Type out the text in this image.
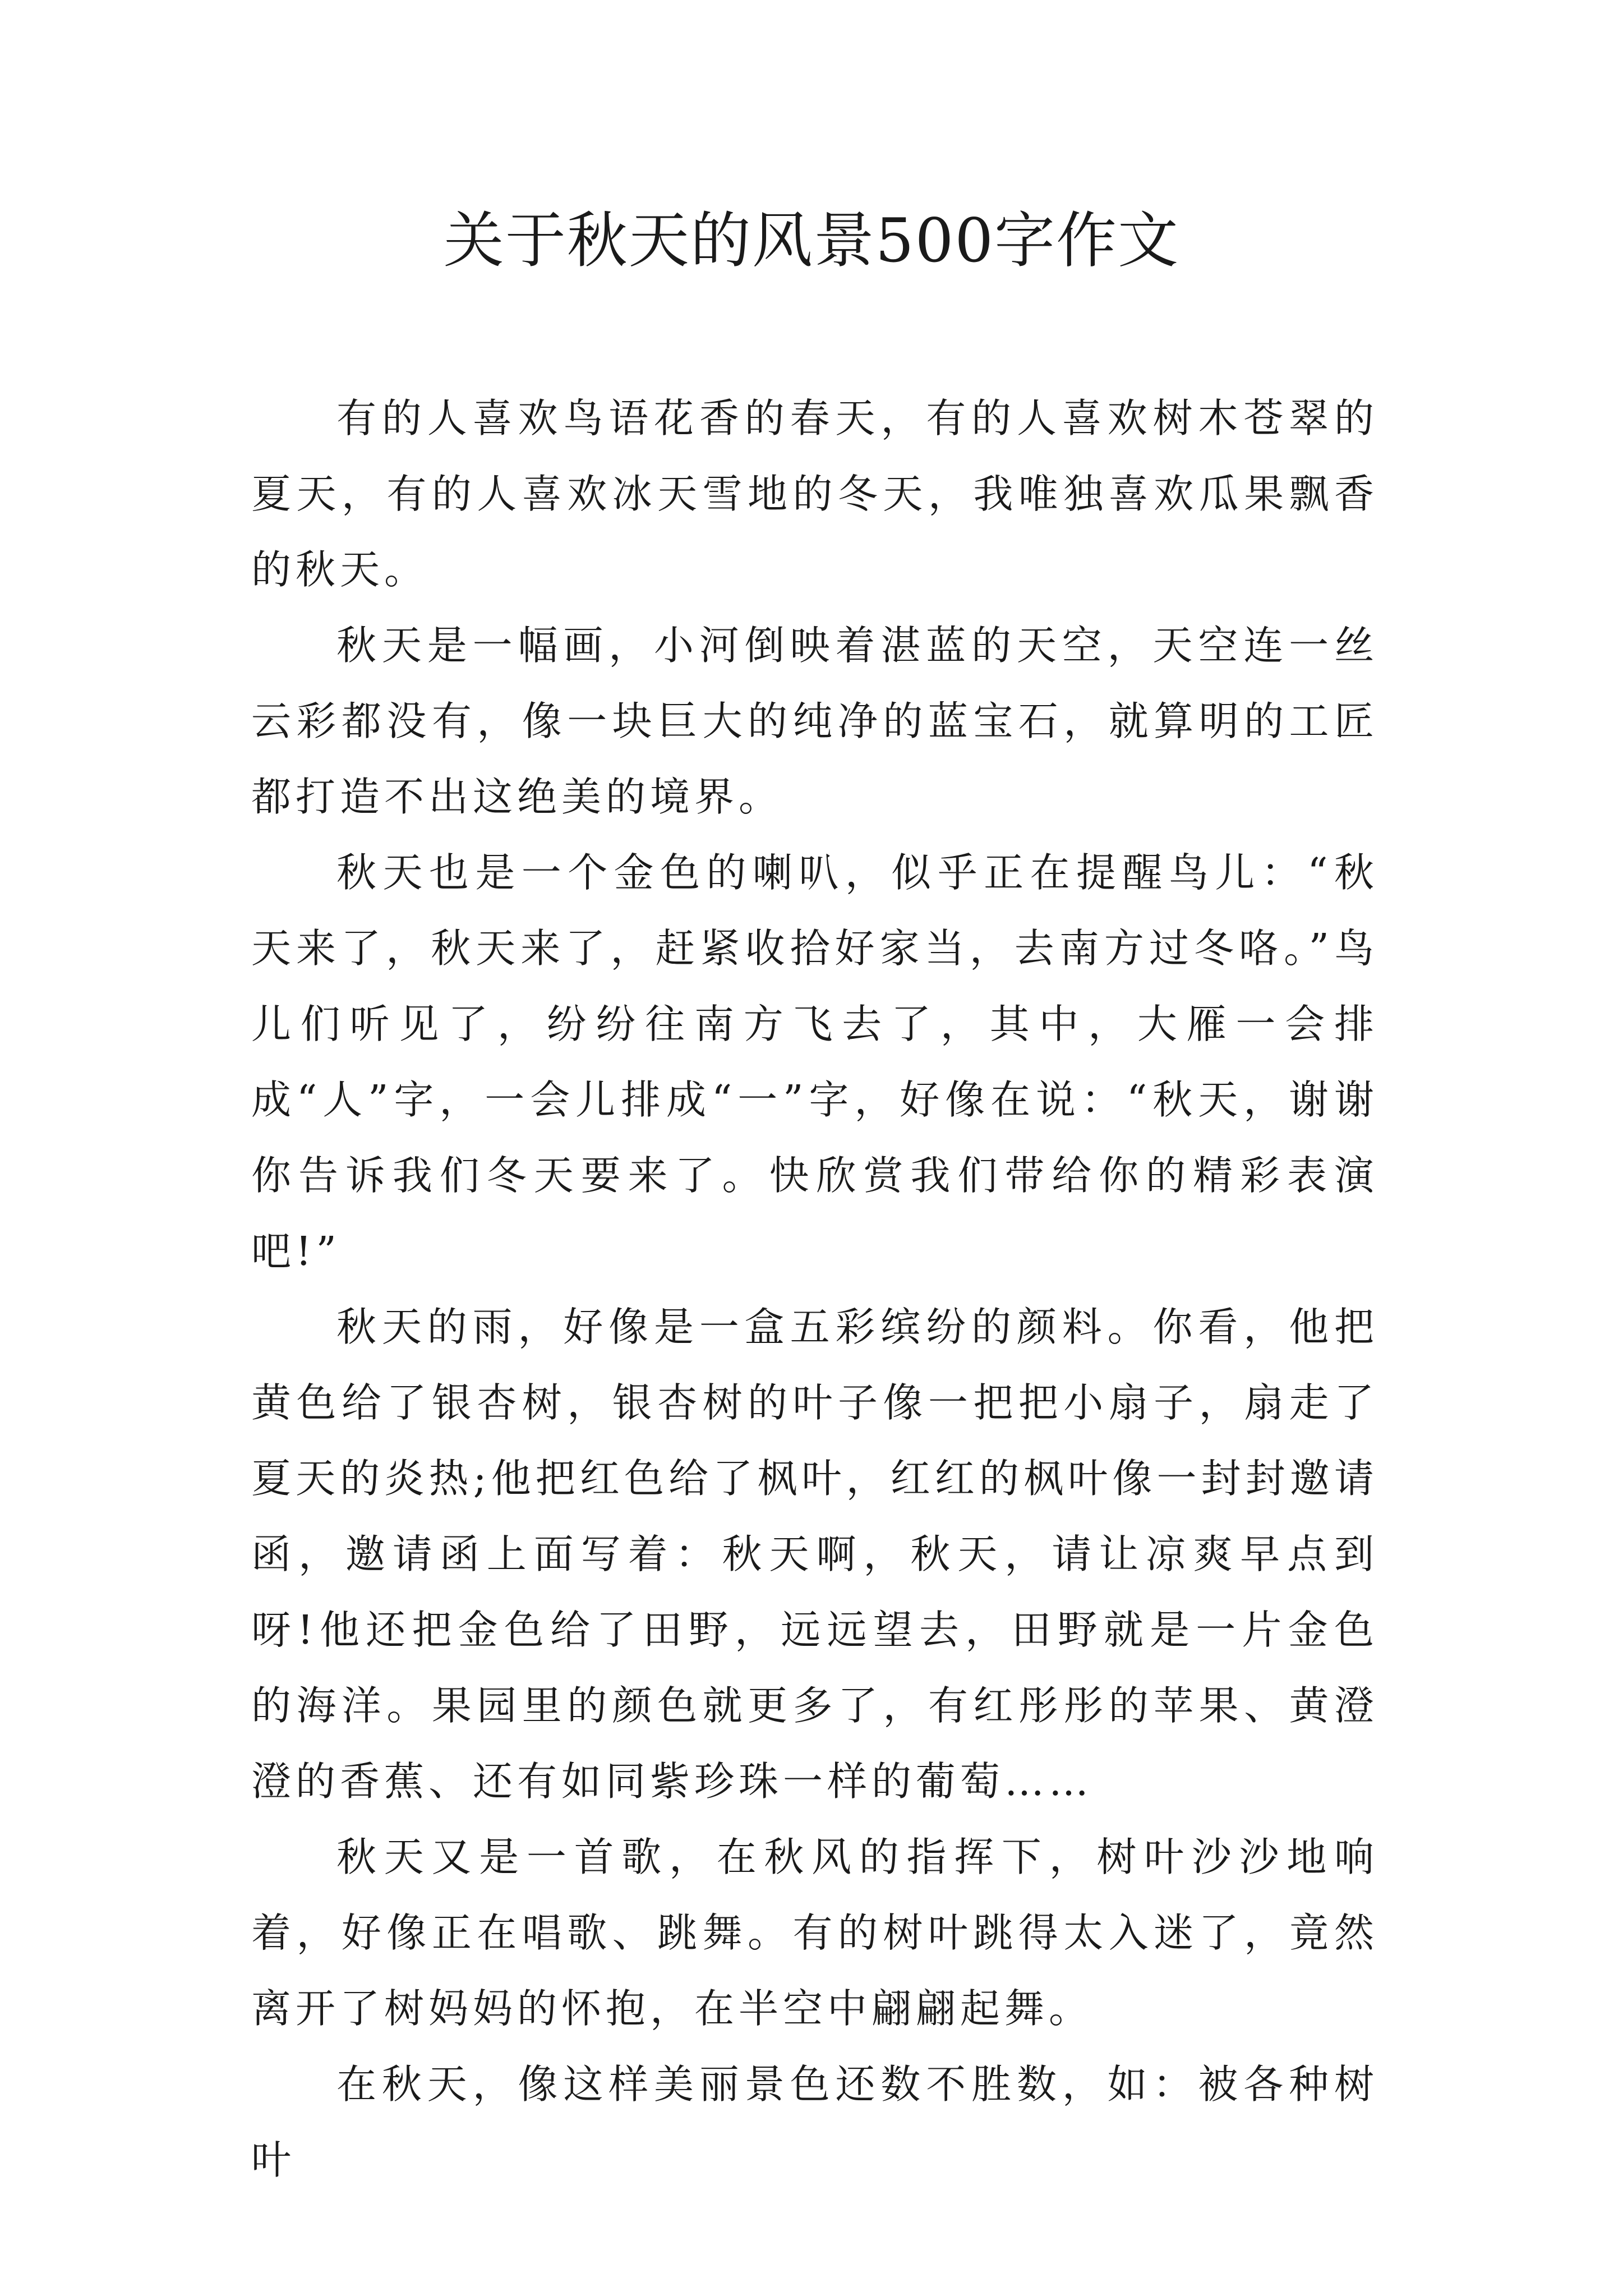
关于秋天的风景500字作文

有的人喜欢鸟语花香的春天，有的人喜欢树木苍翠的夏天，有的人喜欢冰天雪地的冬天，我唯独喜欢瓜果飘香的秋天。

秋天是一幅画，小河倒映着湛蓝的天空，天空连一丝云彩都没有，像一块巨大的纯净的蓝宝石，就算明的工匠都打造不出这绝美的境界。

秋天也是一个金色的喇叭，似乎正在提醒鸟儿：“秋天来了，秋天来了，赶紧收拾好家当，去南方过冬咯。”鸟儿们听见了，纷纷往南方飞去了，其中，大雁一会排成“人”字，一会儿排成“一”字，好像在说：“秋天，谢谢你告诉我们冬天要来了。快欣赏我们带给你的精彩表演吧!”

秋天的雨，好像是一盒五彩缤纷的颜料。你看，他把黄色给了银杏树，银杏树的叶子像一把把小扇子，扇走了夏天的炎热;他把红色给了枫叶，红红的枫叶像一封封邀请函，邀请函上面写着：秋天啊，秋天，请让凉爽早点到呀!他还把金色给了田野，远远望去，田野就是一片金色的海洋。果园里的颜色就更多了，有红彤彤的苹果、黄澄澄的香蕉、还有如同紫珍珠一样的葡萄……

秋天又是一首歌，在秋风的指挥下，树叶沙沙地响着，好像正在唱歌、跳舞。有的树叶跳得太入迷了，竟然离开了树妈妈的怀抱，在半空中翩翩起舞。

在秋天，像这样美丽景色还数不胜数，如：被各种树叶
